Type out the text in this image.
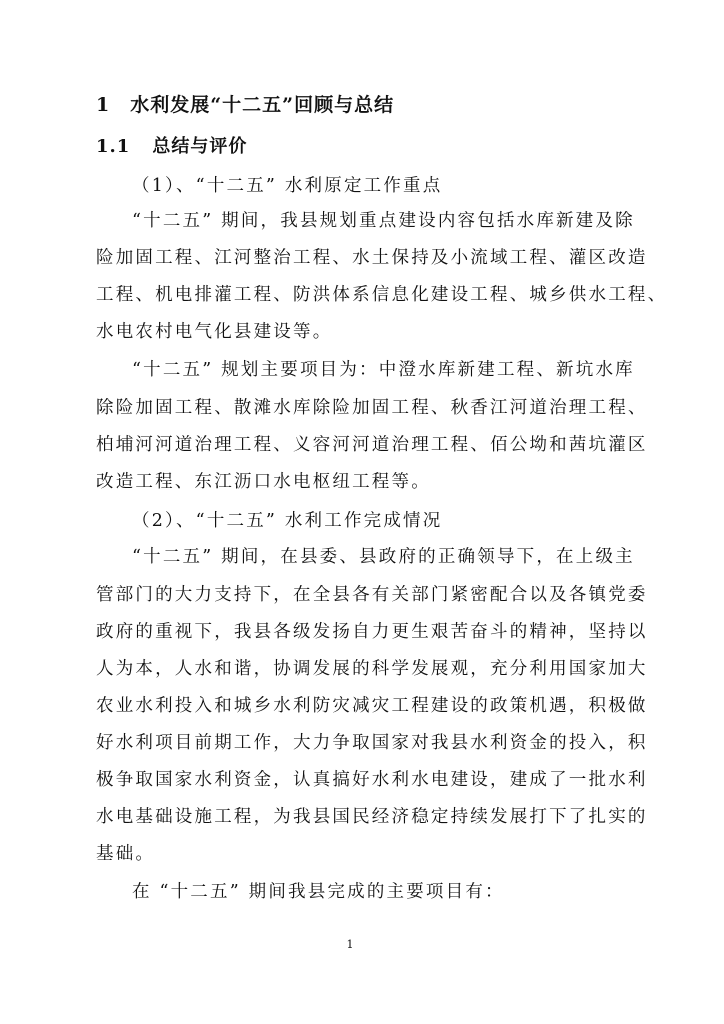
1 水利发展“十二五”回顾与总结
1.1 总结与评价
（1）、“十二五” 水利原定工作重点
“十二五” 期间，我县规划重点建设内容包括水库新建及除
险加固工程、江河整治工程、水土保持及小流域工程、灌区改造
工程、机电排灌工程、防洪体系信息化建设工程、城乡供水工程、
水电农村电气化县建设等。
“十二五” 规划主要项目为：中澄水库新建工程、新坑水库
除险加固工程、散滩水库除险加固工程、秋香江河道治理工程、
柏埔河河道治理工程、义容河河道治理工程、佰公坳和茜坑灌区
改造工程、东江沥口水电枢纽工程等。
（2）、“十二五” 水利工作完成情况
“十二五” 期间，在县委、县政府的正确领导下，在上级主
管部门的大力支持下，在全县各有关部门紧密配合以及各镇党委
政府的重视下，我县各级发扬自力更生艰苦奋斗的精神，坚持以
人为本，人水和谐，协调发展的科学发展观，充分利用国家加大
农业水利投入和城乡水利防灾减灾工程建设的政策机遇，积极做
好水利项目前期工作，大力争取国家对我县水利资金的投入，积
极争取国家水利资金，认真搞好水利水电建设，建成了一批水利
水电基础设施工程，为我县国民经济稳定持续发展打下了扎实的
基础。
在 “十二五” 期间我县完成的主要项目有：
1
